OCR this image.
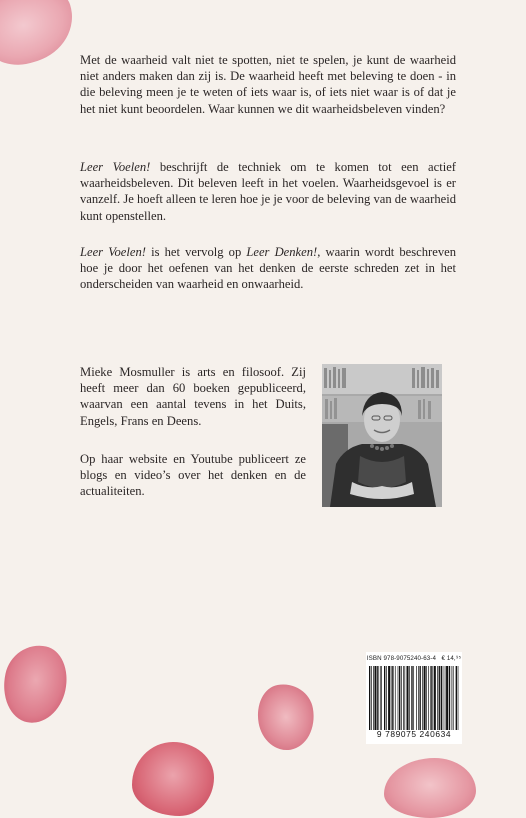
Met de waarheid valt niet te spotten, niet te spelen, je kunt de waarheid niet anders maken dan zij is. De waarheid heeft met beleving te doen - in die beleving meen je te weten of iets waar is, of iets niet waar is of dat je het niet kunt beoordelen. Waar kunnen we dit waarheidsbeleven vinden?

Leer Voelen! beschrijft de techniek om te komen tot een actief waarheidsbeleven. Dit beleven leeft in het voelen. Waarheidsgevoel is er vanzelf. Je hoeft alleen te leren hoe je je voor de beleving van de waarheid kunt openstellen.

Leer Voelen! is het vervolg op Leer Denken!, waarin wordt beschreven hoe je door het oefenen van het denken de eerste schreden zet in het onderscheiden van waarheid en onwaarheid.

Mieke Mosmuller is arts en filosoof. Zij heeft meer dan 60 boeken gepubliceerd, waarvan een aantal tevens in het Duits, Engels, Frans en Deens.

Op haar website en Youtube publiceert ze blogs en video’s over het denken en de actualiteiten.

ISBN 978-9075240-63-4 € 14,⁹⁵
9 789075 240634
